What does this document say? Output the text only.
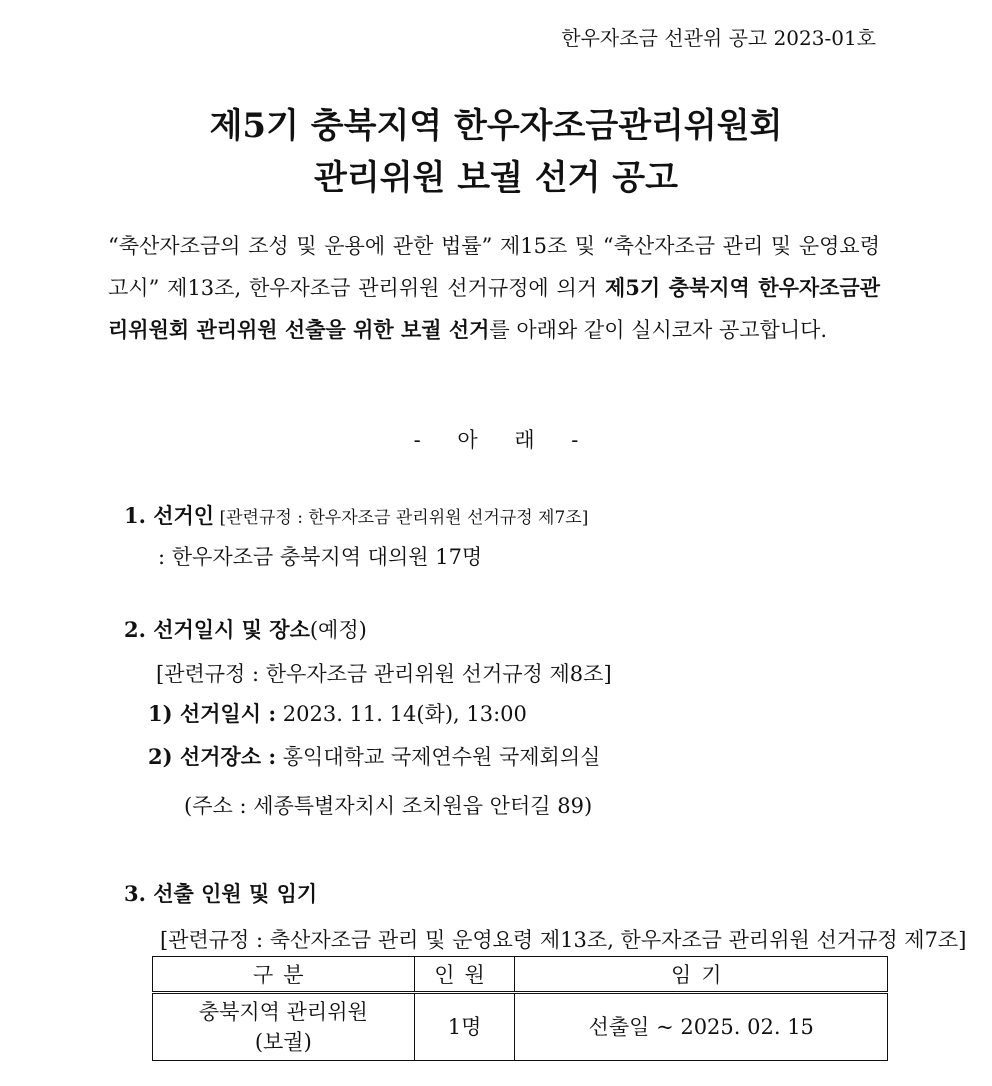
한우자조금 선관위 공고 2023-01호
제5기 충북지역 한우자조금관리위원회
관리위원 보궐 선거 공고
“축산자조금의 조성 및 운용에 관한 법률” 제15조 및 “축산자조금 관리 및 운영요령 고시” 제13조, 한우자조금 관리위원 선거규정에 의거 제5기 충북지역 한우자조금관리위원회 관리위원 선출을 위한 보궐 선거를 아래와 같이 실시코자 공고합니다.
- 아 래 -
1. 선거인 [관련규정 : 한우자조금 관리위원 선거규정 제7조]
: 한우자조금 충북지역 대의원 17명
2. 선거일시 및 장소(예정)
[관련규정 : 한우자조금 관리위원 선거규정 제8조]
1) 선거일시 : 2023. 11. 14(화), 13:00
2) 선거장소 : 홍익대학교 국제연수원 국제회의실
(주소 : 세종특별자치시 조치원읍 안터길 89)
3. 선출 인원 및 임기
[관련규정 : 축산자조금 관리 및 운영요령 제13조, 한우자조금 관리위원 선거규정 제7조]
구분	인원	임기

충북지역 관리위원
(보궐)	1명	선출일 ~ 2025. 02. 15
